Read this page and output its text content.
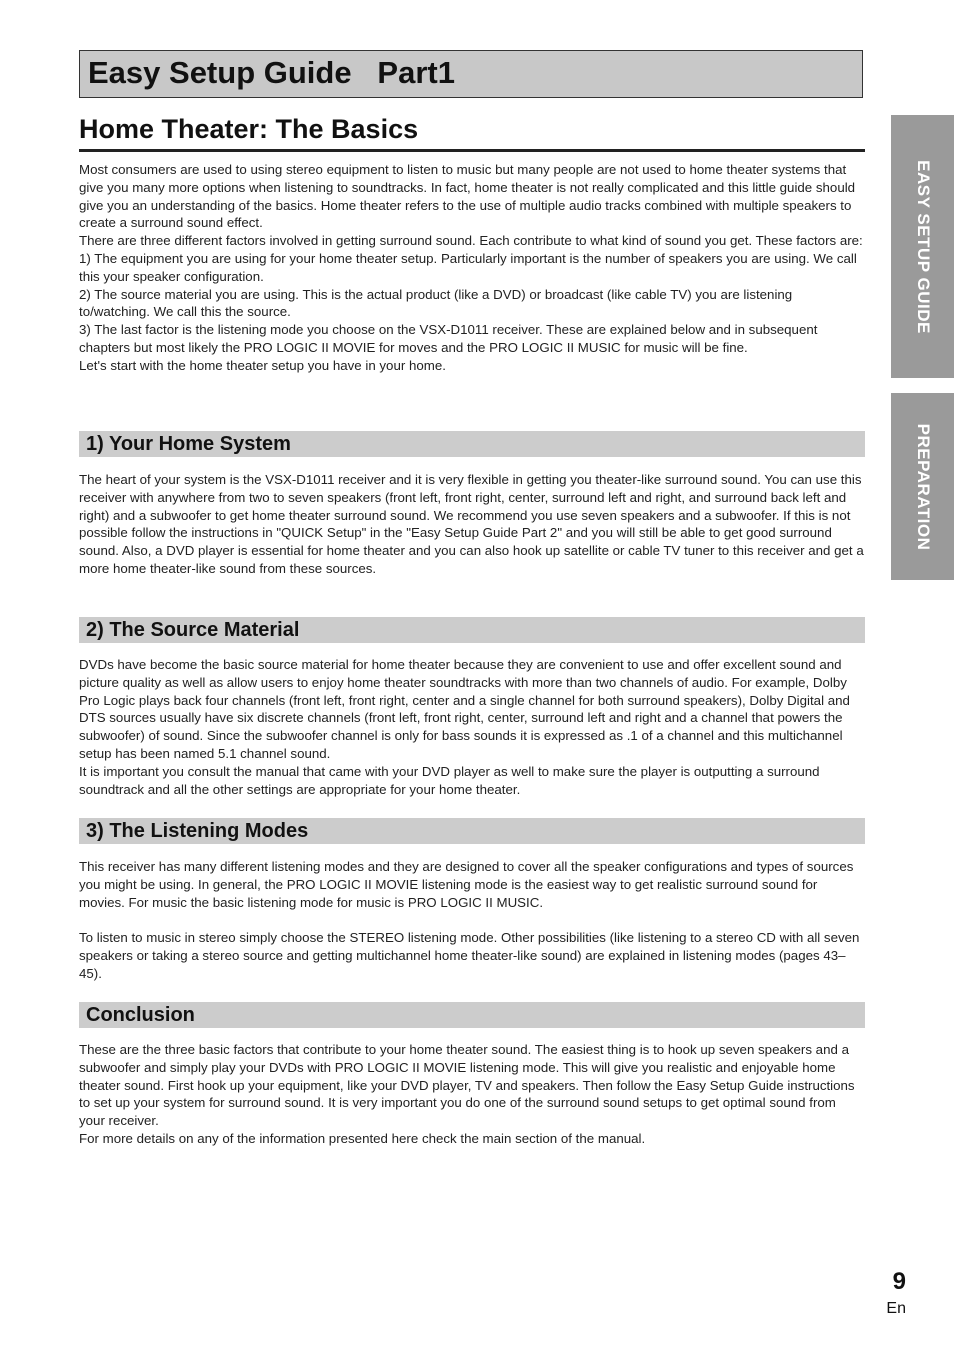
Easy Setup Guide   Part1
Home Theater: The Basics

Most consumers are used to using stereo equipment to listen to music but many people are not used to home theater systems that give you many more options when listening to soundtracks. In fact, home theater is not really complicated and this little guide should give you an understanding of the basics. Home theater refers to the use of multiple audio tracks combined with multiple speakers to create a surround sound effect.

There are three different factors involved in getting surround sound. Each contribute to what kind of sound you get. These factors are:

1) The equipment you are using for your home theater setup. Particularly important is the number of speakers you are using. We call this your speaker configuration.

2) The source material you are using. This is the actual product (like a DVD) or broadcast (like cable TV) you are listening to/watching. We call this the source.

3) The last factor is the listening mode you choose on the VSX-D1011 receiver. These are explained below and in subsequent chapters but most likely the PRO LOGIC II MOVIE for moves and the PRO LOGIC II MUSIC for music will be fine.

Let's start with the home theater setup you have in your home.

1) Your Home System

The heart of your system is the VSX-D1011 receiver and it is very flexible in getting you theater-like surround sound. You can use this receiver with anywhere from two to seven speakers (front left, front right, center, surround left and right, and surround back left and right) and a subwoofer to get home theater surround sound. We recommend you use seven speakers and a subwoofer. If this is not possible follow the instructions in "QUICK Setup" in the "Easy Setup Guide Part 2" and you will still be able to get good surround sound. Also, a DVD player is essential for home theater and you can also hook up satellite or cable TV tuner to this receiver and get a more home theater-like sound from these sources.

2) The Source Material

DVDs have become the basic source material for home theater because they are convenient to use and offer excellent sound and picture quality as well as allow users to enjoy home theater soundtracks with more than two channels of audio. For example, Dolby Pro Logic plays back four channels (front left, front right, center and a single channel for both surround speakers), Dolby Digital and DTS sources usually have six discrete channels (front left, front right, center, surround left and right and a channel that powers the subwoofer) of sound. Since the subwoofer channel is only for bass sounds it is expressed as .1 of a channel and this multichannel setup has been named 5.1 channel sound.

It is important you consult the manual that came with your DVD player as well to make sure the player is outputting a surround soundtrack and all the other settings are appropriate for your home theater.

3) The Listening Modes

This receiver has many different listening modes and they are designed to cover all the speaker configurations and types of sources you might be using. In general, the PRO LOGIC II MOVIE listening mode is the easiest way to get realistic surround sound for movies. For music the basic listening mode for music is PRO LOGIC II MUSIC.

To listen to music in stereo simply choose the STEREO listening mode. Other possibilities (like listening to a stereo CD with all seven speakers or taking a stereo source and getting multichannel home theater-like sound) are explained in listening modes (pages 43–45).

Conclusion

These are the three basic factors that contribute to your home theater sound. The easiest thing is to hook up seven speakers and a subwoofer and simply play your DVDs with PRO LOGIC II MOVIE listening mode. This will give you realistic and enjoyable home theater sound. First hook up your equipment, like your DVD player, TV and speakers. Then follow the Easy Setup Guide instructions to set up your system for surround sound. It is very important you do one of the surround sound setups to get optimal sound from your receiver.

For more details on any of the information presented here check the main section of the manual.

EASY SETUP GUIDE
PREPARATION
9
En
